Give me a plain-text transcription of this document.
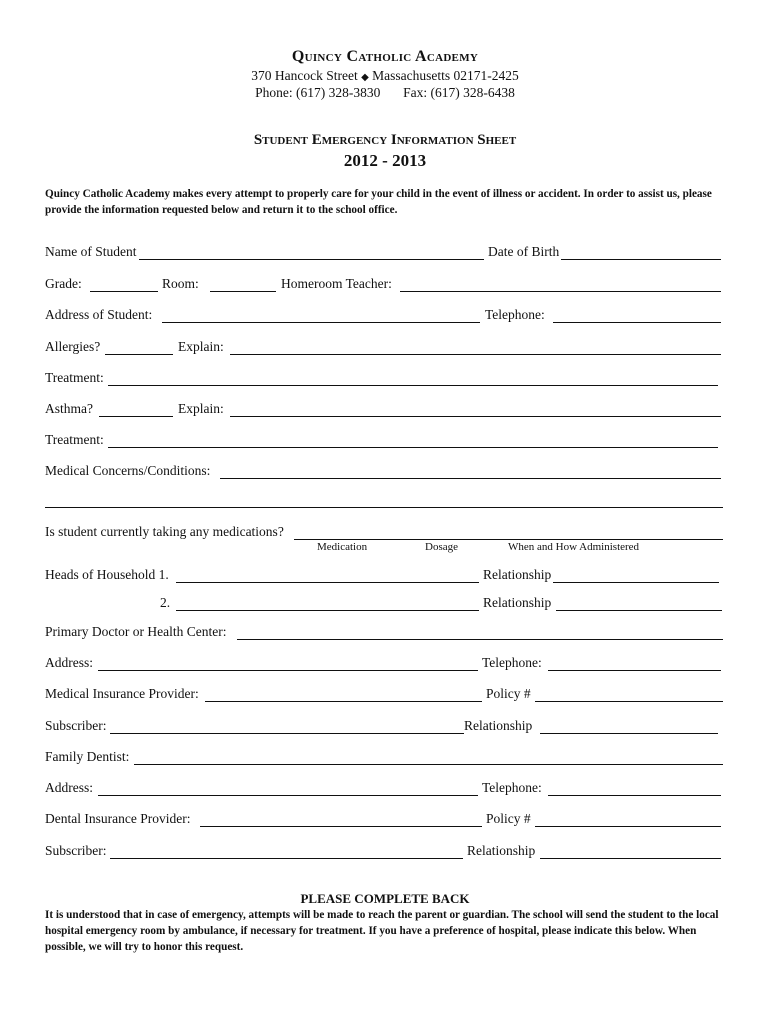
Quincy Catholic Academy
370 Hancock Street ◆ Massachusetts 02171-2425
Phone: (617) 328-3830 Fax: (617) 328-6438
Student Emergency Information Sheet
2012 - 2013
Quincy Catholic Academy makes every attempt to properly care for your child in the event of illness or accident. In order to assist us, please provide the information requested below and return it to the school office.
Name of Student	Date of Birth
Grade:	Room:	Homeroom Teacher:
Address of Student:	Telephone:
Allergies?	Explain:
Treatment:
Asthma?	Explain:
Treatment:
Medical Concerns/Conditions:
Is student currently taking any medications?
Medication	Dosage	When and How Administered
Heads of Household 1.	Relationship
2.	Relationship
Primary Doctor or Health Center:
Address:	Telephone:
Medical Insurance Provider:	Policy #
Subscriber:	Relationship
Family Dentist:
Address:	Telephone:
Dental Insurance Provider:	Policy #
Subscriber:	Relationship
PLEASE COMPLETE BACK
It is understood that in case of emergency, attempts will be made to reach the parent or guardian. The school will send the student to the local hospital emergency room by ambulance, if necessary for treatment. If you have a preference of hospital, please indicate this below. When possible, we will try to honor this request.
